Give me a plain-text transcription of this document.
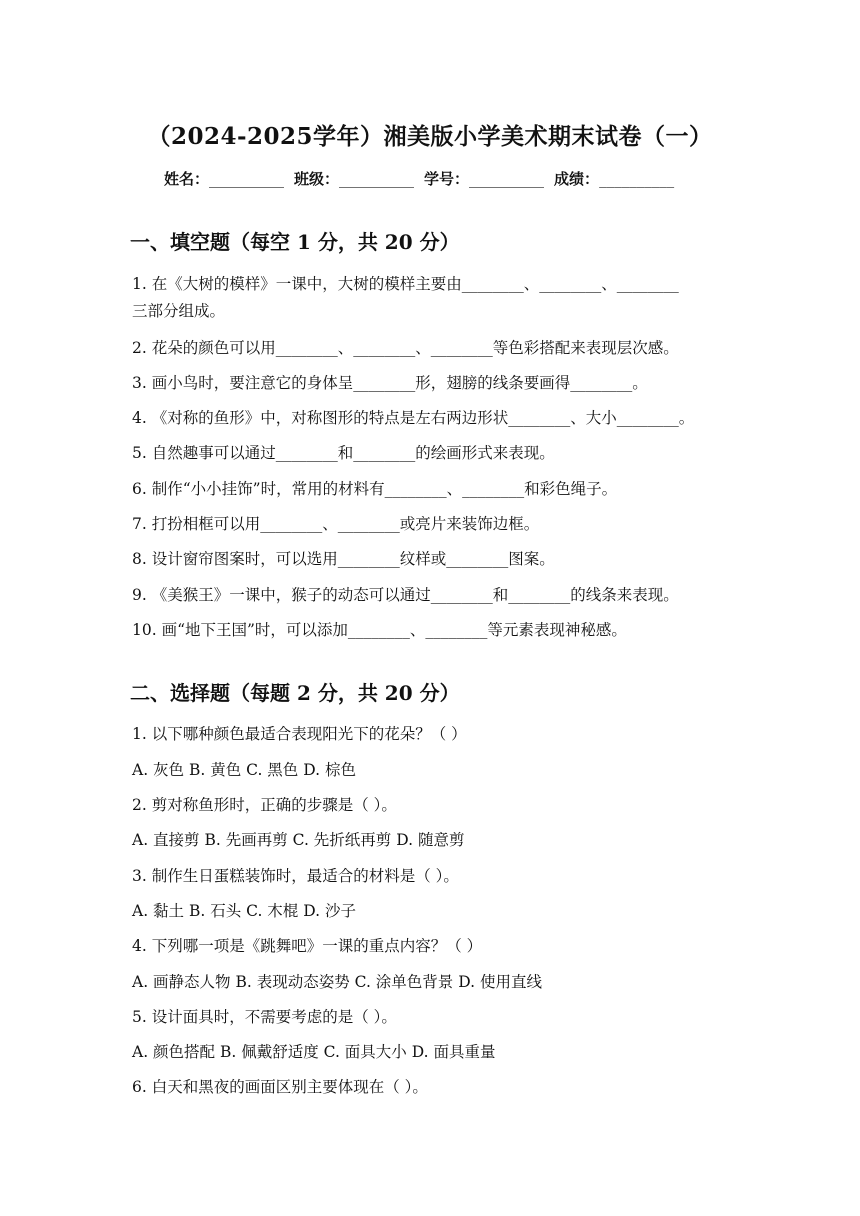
（2024-2025学年）湘美版小学美术期末试卷（一）
姓名：__________ 班级：__________ 学号：__________ 成绩：__________
一、填空题（每空 1 分，共 20 分）
1. 在《大树的模样》一课中，大树的模样主要由________、________、________
三部分组成。
2. 花朵的颜色可以用________、________、________等色彩搭配来表现层次感。
3. 画小鸟时，要注意它的身体呈________形，翅膀的线条要画得________。
4. 《对称的鱼形》中，对称图形的特点是左右两边形状________、大小________。
5. 自然趣事可以通过________和________的绘画形式来表现。
6. 制作“小小挂饰”时，常用的材料有________、________和彩色绳子。
7. 打扮相框可以用________、________或亮片来装饰边框。
8. 设计窗帘图案时，可以选用________纹样或________图案。
9. 《美猴王》一课中，猴子的动态可以通过________和________的线条来表现。
10. 画“地下王国”时，可以添加________、________等元素表现神秘感。
二、选择题（每题 2 分，共 20 分）
1. 以下哪种颜色最适合表现阳光下的花朵？（ ）
A. 灰色 B. 黄色 C. 黑色 D. 棕色
2. 剪对称鱼形时，正确的步骤是（ ）。
A. 直接剪 B. 先画再剪 C. 先折纸再剪 D. 随意剪
3. 制作生日蛋糕装饰时，最适合的材料是（ ）。
A. 黏土 B. 石头 C. 木棍 D. 沙子
4. 下列哪一项是《跳舞吧》一课的重点内容？（ ）
A. 画静态人物 B. 表现动态姿势 C. 涂单色背景 D. 使用直线
5. 设计面具时，不需要考虑的是（ ）。
A. 颜色搭配 B. 佩戴舒适度 C. 面具大小 D. 面具重量
6. 白天和黑夜的画面区别主要体现在（ ）。
